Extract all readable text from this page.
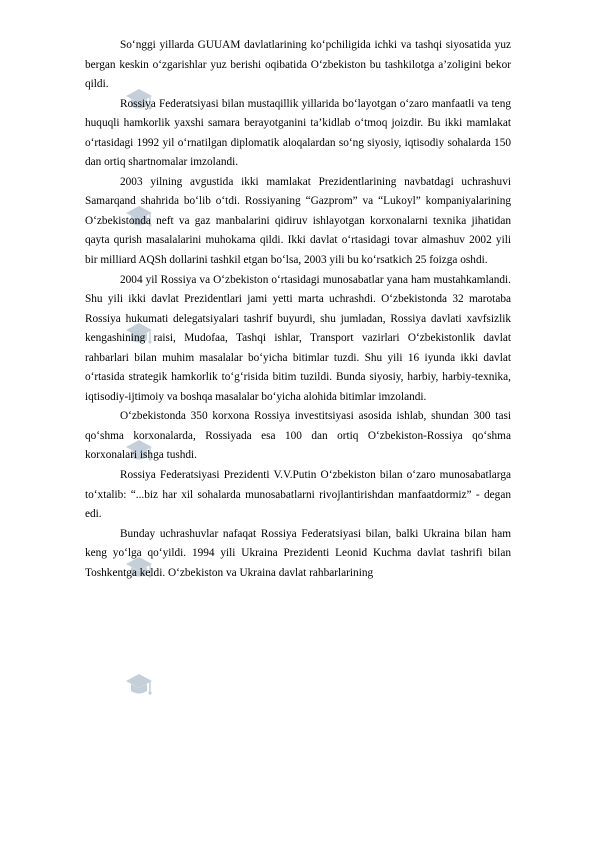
So‘nggi yillarda GUUAM davlatlarining ko‘pchiligida ichki va tashqi siyosatida yuz bergan keskin o‘zgarishlar yuz berishi oqibatida O‘zbekiston bu tashkilotga a’zoligini bekor qildi.

Rossiya Federatsiyasi bilan mustaqillik yillarida bo‘layotgan o‘zaro manfaatli va teng huquqli hamkorlik yaxshi samara berayotganini ta’kidlab o‘tmoq joizdir. Bu ikki mamlakat o‘rtasidagi 1992 yil o‘rnatilgan diplomatik aloqalardan so‘ng siyosiy, iqtisodiy sohalarda 150 dan ortiq shartnomalar imzolandi.

2003 yilning avgustida ikki mamlakat Prezidentlarining navbatdagi uchrashuvi Samarqand shahrida bo‘lib o‘tdi. Rossiyaning “Gazprom” va “Lukoyl” kompaniyalarining O‘zbekistonda neft va gaz manbalarini qidiruv ishlayotgan korxonalarni texnika jihatidan qayta qurish masalalarini muhokama qildi. Ikki davlat o‘rtasidagi tovar almashuv 2002 yili bir milliard AQSh dollarini tashkil etgan bo‘lsa, 2003 yili bu ko‘rsatkich 25 foizga oshdi.

2004 yil Rossiya va O‘zbekiston o‘rtasidagi munosabatlar yana ham mustahkamlandi. Shu yili ikki davlat Prezidentlari jami yetti marta uchrashdi. O‘zbekistonda 32 marotaba Rossiya hukumati delegatsiyalari tashrif buyurdi, shu jumladan, Rossiya davlati xavfsizlik kengashining raisi, Mudofaa, Tashqi ishlar, Transport vazirlari O‘zbekistonlik davlat rahbarlari bilan muhim masalalar bo‘yicha bitimlar tuzdi. Shu yili 16 iyunda ikki davlat o‘rtasida strategik hamkorlik to‘g‘risida bitim tuzildi. Bunda siyosiy, harbiy, harbiy-texnika, iqtisodiy-ijtimoiy va boshqa masalalar bo‘yicha alohida bitimlar imzolandi.

O‘zbekistonda 350 korxona Rossiya investitsiyasi asosida ishlab, shundan 300 tasi qo‘shma korxonalarda, Rossiyada esa 100 dan ortiq O‘zbekiston-Rossiya qo‘shma korxonalari ishga tushdi.

Rossiya Federatsiyasi Prezidenti V.V.Putin O‘zbekiston bilan o‘zaro munosabatlarga to‘xtalib: “...biz har xil sohalarda munosabatlarni rivojlantirishdan manfaatdormiz” - degan edi.

Bunday uchrashuvlar nafaqat Rossiya Federatsiyasi bilan, balki Ukraina bilan ham keng yo‘lga qo‘yildi. 1994 yili Ukraina Prezidenti Leonid Kuchma davlat tashrifi bilan Toshkentga keldi. O‘zbekiston va Ukraina davlat rahbarlarining
